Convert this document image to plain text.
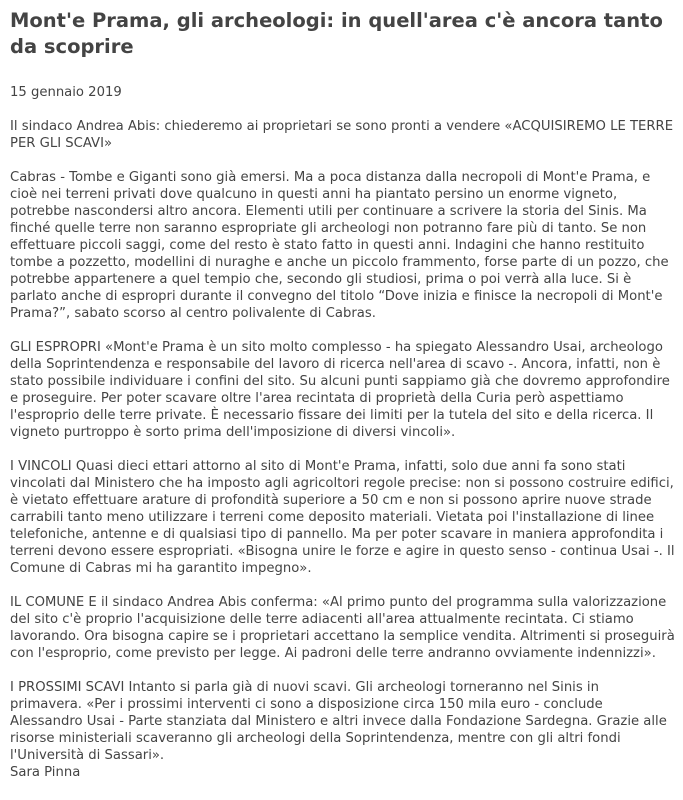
Mont'e Prama, gli archeologi: in quell'area c'è ancora tanto da scoprire

15 gennaio 2019

Il sindaco Andrea Abis: chiederemo ai proprietari se sono pronti a vendere «ACQUISIREMO LE TERRE PER GLI SCAVI»

Cabras - Tombe e Giganti sono già emersi. Ma a poca distanza dalla necropoli di Mont'e Prama, e cioè nei terreni privati dove qualcuno in questi anni ha piantato persino un enorme vigneto, potrebbe nascondersi altro ancora. Elementi utili per continuare a scrivere la storia del Sinis. Ma finché quelle terre non saranno espropriate gli archeologi non potranno fare più di tanto. Se non effettuare piccoli saggi, come del resto è stato fatto in questi anni. Indagini che hanno restituito tombe a pozzetto, modellini di nuraghe e anche un piccolo frammento, forse parte di un pozzo, che potrebbe appartenere a quel tempio che, secondo gli studiosi, prima o poi verrà alla luce. Si è parlato anche di espropri durante il convegno del titolo “Dove inizia e finisce la necropoli di Mont'e Prama?”, sabato scorso al centro polivalente di Cabras.

GLI ESPROPRI «Mont'e Prama è un sito molto complesso - ha spiegato Alessandro Usai, archeologo della Soprintendenza e responsabile del lavoro di ricerca nell'area di scavo -. Ancora, infatti, non è stato possibile individuare i confini del sito. Su alcuni punti sappiamo già che dovremo approfondire e proseguire. Per poter scavare oltre l'area recintata di proprietà della Curia però aspettiamo l'esproprio delle terre private. È necessario fissare dei limiti per la tutela del sito e della ricerca. Il vigneto purtroppo è sorto prima dell'imposizione di diversi vincoli».

I VINCOLI Quasi dieci ettari attorno al sito di Mont'e Prama, infatti, solo due anni fa sono stati vincolati dal Ministero che ha imposto agli agricoltori regole precise: non si possono costruire edifici, è vietato effettuare arature di profondità superiore a 50 cm e non si possono aprire nuove strade carrabili tanto meno utilizzare i terreni come deposito materiali. Vietata poi l'installazione di linee telefoniche, antenne e di qualsiasi tipo di pannello. Ma per poter scavare in maniera approfondita i terreni devono essere espropriati. «Bisogna unire le forze e agire in questo senso - continua Usai -. Il Comune di Cabras mi ha garantito impegno».

IL COMUNE E il sindaco Andrea Abis conferma: «Al primo punto del programma sulla valorizzazione del sito c'è proprio l'acquisizione delle terre adiacenti all'area attualmente recintata. Ci stiamo lavorando. Ora bisogna capire se i proprietari accettano la semplice vendita. Altrimenti si proseguirà con l'esproprio, come previsto per legge. Ai padroni delle terre andranno ovviamente indennizzi».

I PROSSIMI SCAVI Intanto si parla già di nuovi scavi. Gli archeologi torneranno nel Sinis in primavera. «Per i prossimi interventi ci sono a disposizione circa 150 mila euro - conclude Alessandro Usai - Parte stanziata dal Ministero e altri invece dalla Fondazione Sardegna. Grazie alle risorse ministeriali scaveranno gli archeologi della Soprintendenza, mentre con gli altri fondi l'Università di Sassari».

Sara Pinna
